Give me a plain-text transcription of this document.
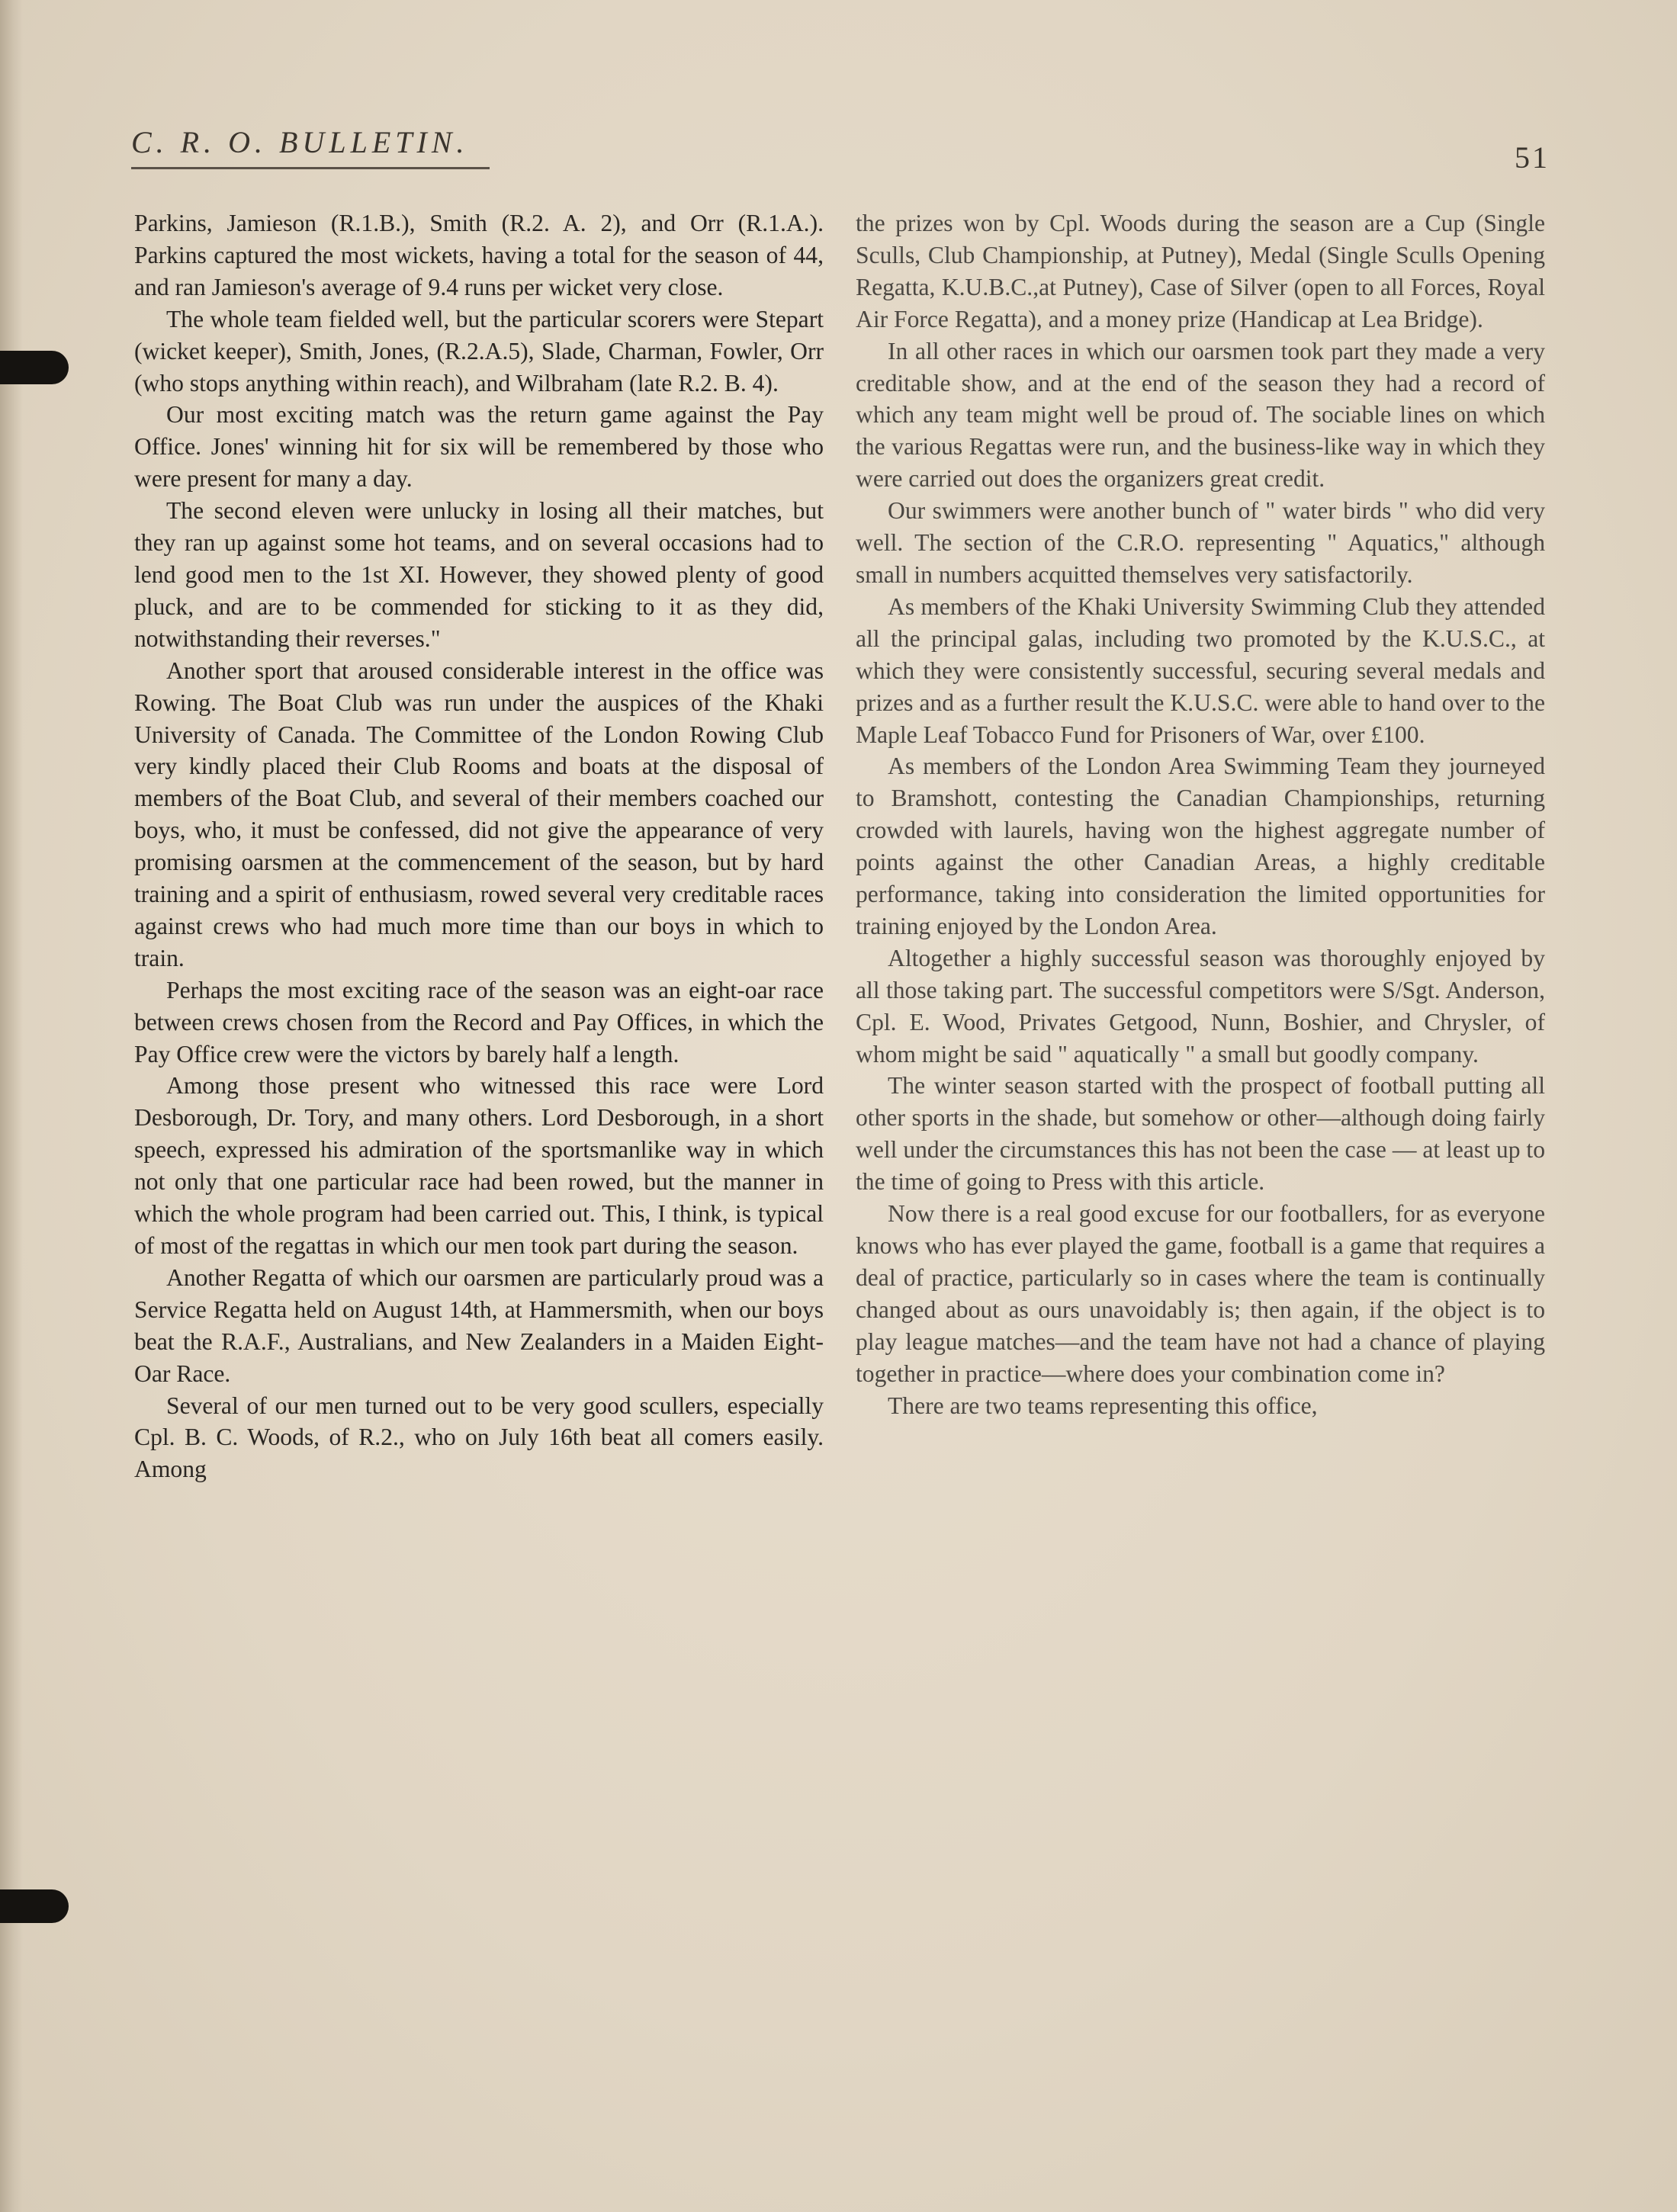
C. R. O. BULLETIN.	51

Parkins, Jamieson (R.1.B.), Smith (R.2. A. 2), and Orr (R.1.A.). Parkins captured the most wickets, having a total for the season of 44, and ran Jamieson's average of 9.4 runs per wicket very close.

The whole team fielded well, but the particular scorers were Stepart (wicket keeper), Smith, Jones, (R.2.A.5), Slade, Charman, Fowler, Orr (who stops anything within reach), and Wilbraham (late R.2. B. 4).

Our most exciting match was the return game against the Pay Office. Jones' winning hit for six will be remembered by those who were present for many a day.

The second eleven were unlucky in losing all their matches, but they ran up against some hot teams, and on several occasions had to lend good men to the 1st XI. However, they showed plenty of good pluck, and are to be commended for sticking to it as they did, notwithstanding their reverses."

Another sport that aroused considerable interest in the office was Rowing. The Boat Club was run under the auspices of the Khaki University of Canada. The Committee of the London Rowing Club very kindly placed their Club Rooms and boats at the disposal of members of the Boat Club, and several of their members coached our boys, who, it must be confessed, did not give the appearance of very promising oarsmen at the commencement of the season, but by hard training and a spirit of enthusiasm, rowed several very creditable races against crews who had much more time than our boys in which to train.

Perhaps the most exciting race of the season was an eight-oar race between crews chosen from the Record and Pay Offices, in which the Pay Office crew were the victors by barely half a length.

Among those present who witnessed this race were Lord Desborough, Dr. Tory, and many others. Lord Desborough, in a short speech, expressed his admiration of the sportsmanlike way in which not only that one particular race had been rowed, but the manner in which the whole program had been carried out. This, I think, is typical of most of the regattas in which our men took part during the season.

Another Regatta of which our oarsmen are particularly proud was a Service Regatta held on August 14th, at Hammersmith, when our boys beat the R.A.F., Australians, and New Zealanders in a Maiden Eight-Oar Race.

Several of our men turned out to be very good scullers, especially Cpl. B. C. Woods, of R.2., who on July 16th beat all comers easily. Among

the prizes won by Cpl. Woods during the season are a Cup (Single Sculls, Club Championship, at Putney), Medal (Single Sculls Opening Regatta, K.U.B.C.,at Putney), Case of Silver (open to all Forces, Royal Air Force Regatta), and a money prize (Handicap at Lea Bridge).

In all other races in which our oarsmen took part they made a very creditable show, and at the end of the season they had a record of which any team might well be proud of. The sociable lines on which the various Regattas were run, and the business-like way in which they were carried out does the organizers great credit.

Our swimmers were another bunch of " water birds " who did very well. The section of the C.R.O. representing " Aquatics," although small in numbers acquitted themselves very satisfactorily.

As members of the Khaki University Swimming Club they attended all the principal galas, including two promoted by the K.U.S.C., at which they were consistently successful, securing several medals and prizes and as a further result the K.U.S.C. were able to hand over to the Maple Leaf Tobacco Fund for Prisoners of War, over £100.

As members of the London Area Swimming Team they journeyed to Bramshott, contesting the Canadian Championships, returning crowded with laurels, having won the highest aggregate number of points against the other Canadian Areas, a highly creditable performance, taking into consideration the limited opportunities for training enjoyed by the London Area.

Altogether a highly successful season was thoroughly enjoyed by all those taking part. The successful competitors were S/Sgt. Anderson, Cpl. E. Wood, Privates Getgood, Nunn, Boshier, and Chrysler, of whom might be said " aquatically " a small but goodly company.

The winter season started with the prospect of football putting all other sports in the shade, but somehow or other—although doing fairly well under the circumstances this has not been the case — at least up to the time of going to Press with this article.

Now there is a real good excuse for our footballers, for as everyone knows who has ever played the game, football is a game that requires a deal of practice, particularly so in cases where the team is continually changed about as ours unavoidably is; then again, if the object is to play league matches—and the team have not had a chance of playing together in practice—where does your combination come in?

There are two teams representing this office,
